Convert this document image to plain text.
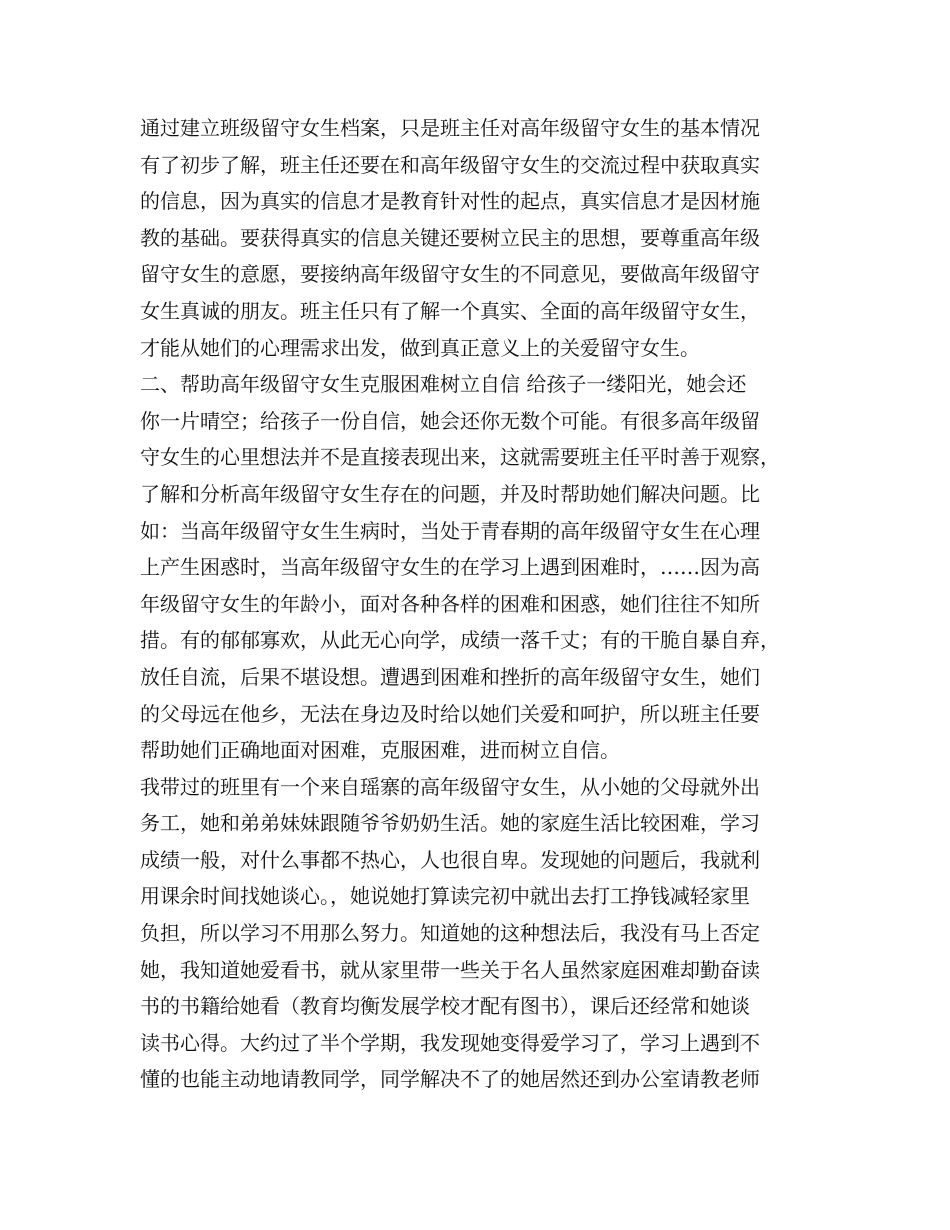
通过建立班级留守女生档案，只是班主任对高年级留守女生的基本情况
有了初步了解，班主任还要在和高年级留守女生的交流过程中获取真实
的信息，因为真实的信息才是教育针对性的起点，真实信息才是因材施
教的基础。要获得真实的信息关键还要树立民主的思想，要尊重高年级
留守女生的意愿，要接纳高年级留守女生的不同意见，要做高年级留守
女生真诚的朋友。班主任只有了解一个真实、全面的高年级留守女生，
才能从她们的心理需求出发，做到真正意义上的关爱留守女生。
二、帮助高年级留守女生克服困难树立自信 给孩子一缕阳光，她会还
你一片晴空；给孩子一份自信，她会还你无数个可能。有很多高年级留
守女生的心里想法并不是直接表现出来，这就需要班主任平时善于观察，
了解和分析高年级留守女生存在的问题，并及时帮助她们解决问题。比
如：当高年级留守女生生病时，当处于青春期的高年级留守女生在心理
上产生困惑时，当高年级留守女生的在学习上遇到困难时，……因为高
年级留守女生的年龄小，面对各种各样的困难和困惑，她们往往不知所
措。有的郁郁寡欢，从此无心向学，成绩一落千丈；有的干脆自暴自弃，
放任自流，后果不堪设想。遭遇到困难和挫折的高年级留守女生，她们
的父母远在他乡，无法在身边及时给以她们关爱和呵护，所以班主任要
帮助她们正确地面对困难，克服困难，进而树立自信。
我带过的班里有一个来自瑶寨的高年级留守女生，从小她的父母就外出
务工，她和弟弟妹妹跟随爷爷奶奶生活。她的家庭生活比较困难，学习
成绩一般，对什么事都不热心，人也很自卑。发现她的问题后，我就利
用课余时间找她谈心。，她说她打算读完初中就出去打工挣钱减轻家里
负担，所以学习不用那么努力。知道她的这种想法后，我没有马上否定
她，我知道她爱看书，就从家里带一些关于名人虽然家庭困难却勤奋读
书的书籍给她看（教育均衡发展学校才配有图书），课后还经常和她谈
读书心得。大约过了半个学期，我发现她变得爱学习了，学习上遇到不
懂的也能主动地请教同学，同学解决不了的她居然还到办公室请教老师
